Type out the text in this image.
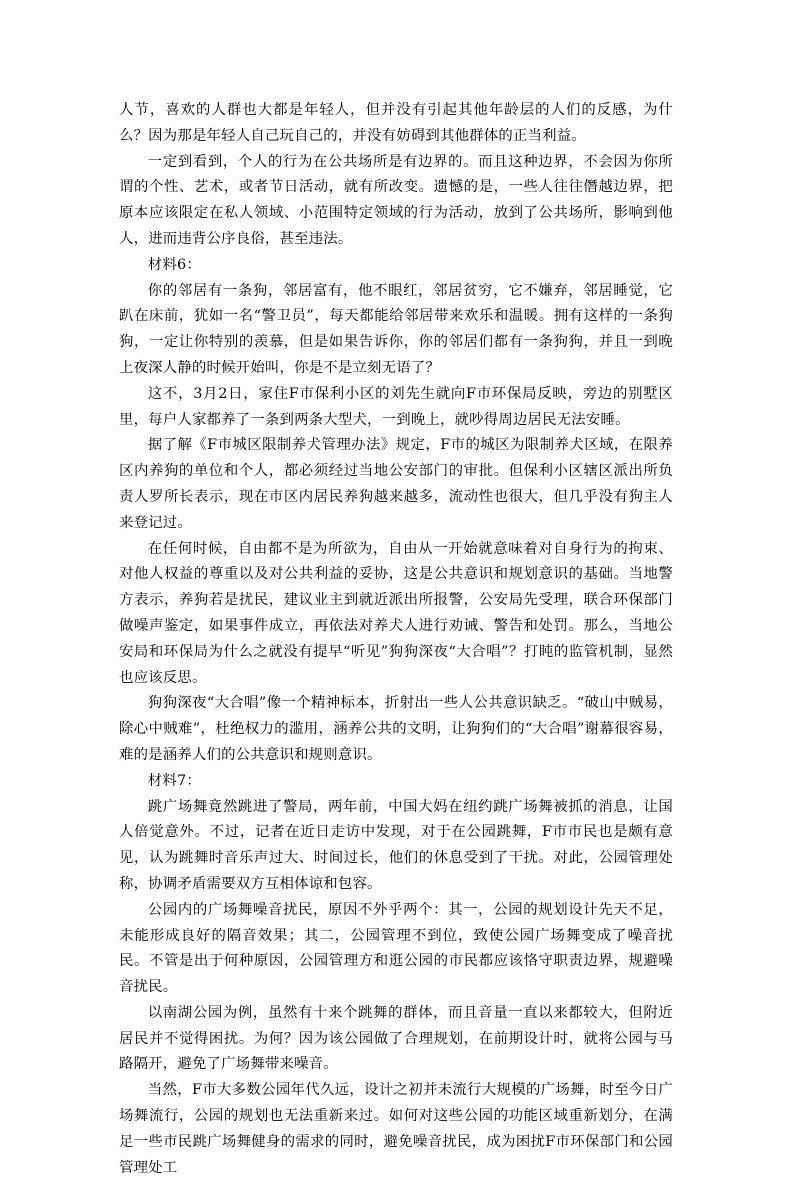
人节，喜欢的人群也大都是年轻人，但并没有引起其他年龄层的人们的反感，为什么？因为那是年轻人自己玩自己的，并没有妨碍到其他群体的正当利益。

一定到看到，个人的行为在公共场所是有边界的。而且这种边界，不会因为你所谓的个性、艺术，或者节日活动，就有所改变。遗憾的是，一些人往往僭越边界，把原本应该限定在私人领域、小范围特定领域的行为活动，放到了公共场所，影响到他人，进而违背公序良俗，甚至违法。

材料6：

你的邻居有一条狗，邻居富有，他不眼红，邻居贫穷，它不嫌弃，邻居睡觉，它趴在床前，犹如一名“警卫员”，每天都能给邻居带来欢乐和温暖。拥有这样的一条狗狗，一定让你特别的羡慕，但是如果告诉你，你的邻居们都有一条狗狗，并且一到晚上夜深人静的时候开始叫，你是不是立刻无语了？

这不，3月2日，家住F市保利小区的刘先生就向F市环保局反映，旁边的别墅区里，每户人家都养了一条到两条大型犬，一到晚上，就吵得周边居民无法安睡。

据了解《F市城区限制养犬管理办法》规定，F市的城区为限制养犬区域，在限养区内养狗的单位和个人，都必须经过当地公安部门的审批。但保利小区辖区派出所负责人罗所长表示，现在市区内居民养狗越来越多，流动性也很大，但几乎没有狗主人来登记过。

在任何时候，自由都不是为所欲为，自由从一开始就意味着对自身行为的拘束、对他人权益的尊重以及对公共利益的妥协，这是公共意识和规划意识的基础。当地警方表示，养狗若是扰民，建议业主到就近派出所报警，公安局先受理，联合环保部门做噪声鉴定，如果事件成立，再依法对养犬人进行劝诫、警告和处罚。那么，当地公安局和环保局为什么之就没有提早“听见”狗狗深夜“大合唱”？打盹的监管机制，显然也应该反思。

狗狗深夜“大合唱”像一个精神标本，折射出一些人公共意识缺乏。“破山中贼易，除心中贼难”，杜绝权力的滥用，涵养公共的文明，让狗狗们的“大合唱”谢幕很容易，难的是涵养人们的公共意识和规则意识。

材料7：

跳广场舞竟然跳进了警局，两年前，中国大妈在纽约跳广场舞被抓的消息，让国人倍觉意外。不过，记者在近日走访中发现，对于在公园跳舞，F市市民也是颇有意见，认为跳舞时音乐声过大、时间过长，他们的休息受到了干扰。对此，公园管理处称，协调矛盾需要双方互相体谅和包容。

公园内的广场舞噪音扰民，原因不外乎两个：其一，公园的规划设计先天不足，未能形成良好的隔音效果；其二，公园管理不到位，致使公园广场舞变成了噪音扰民。不管是出于何种原因，公园管理方和逛公园的市民都应该恪守职责边界，规避噪音扰民。

以南湖公园为例，虽然有十来个跳舞的群体，而且音量一直以来都较大，但附近居民并不觉得困扰。为何？因为该公园做了合理规划，在前期设计时，就将公园与马路隔开，避免了广场舞带来噪音。

当然，F市大多数公园年代久远，设计之初并未流行大规模的广场舞，时至今日广场舞流行，公园的规划也无法重新来过。如何对这些公园的功能区域重新划分，在满足一些市民跳广场舞健身的需求的同时，避免噪音扰民，成为困扰F市环保部门和公园管理处工
